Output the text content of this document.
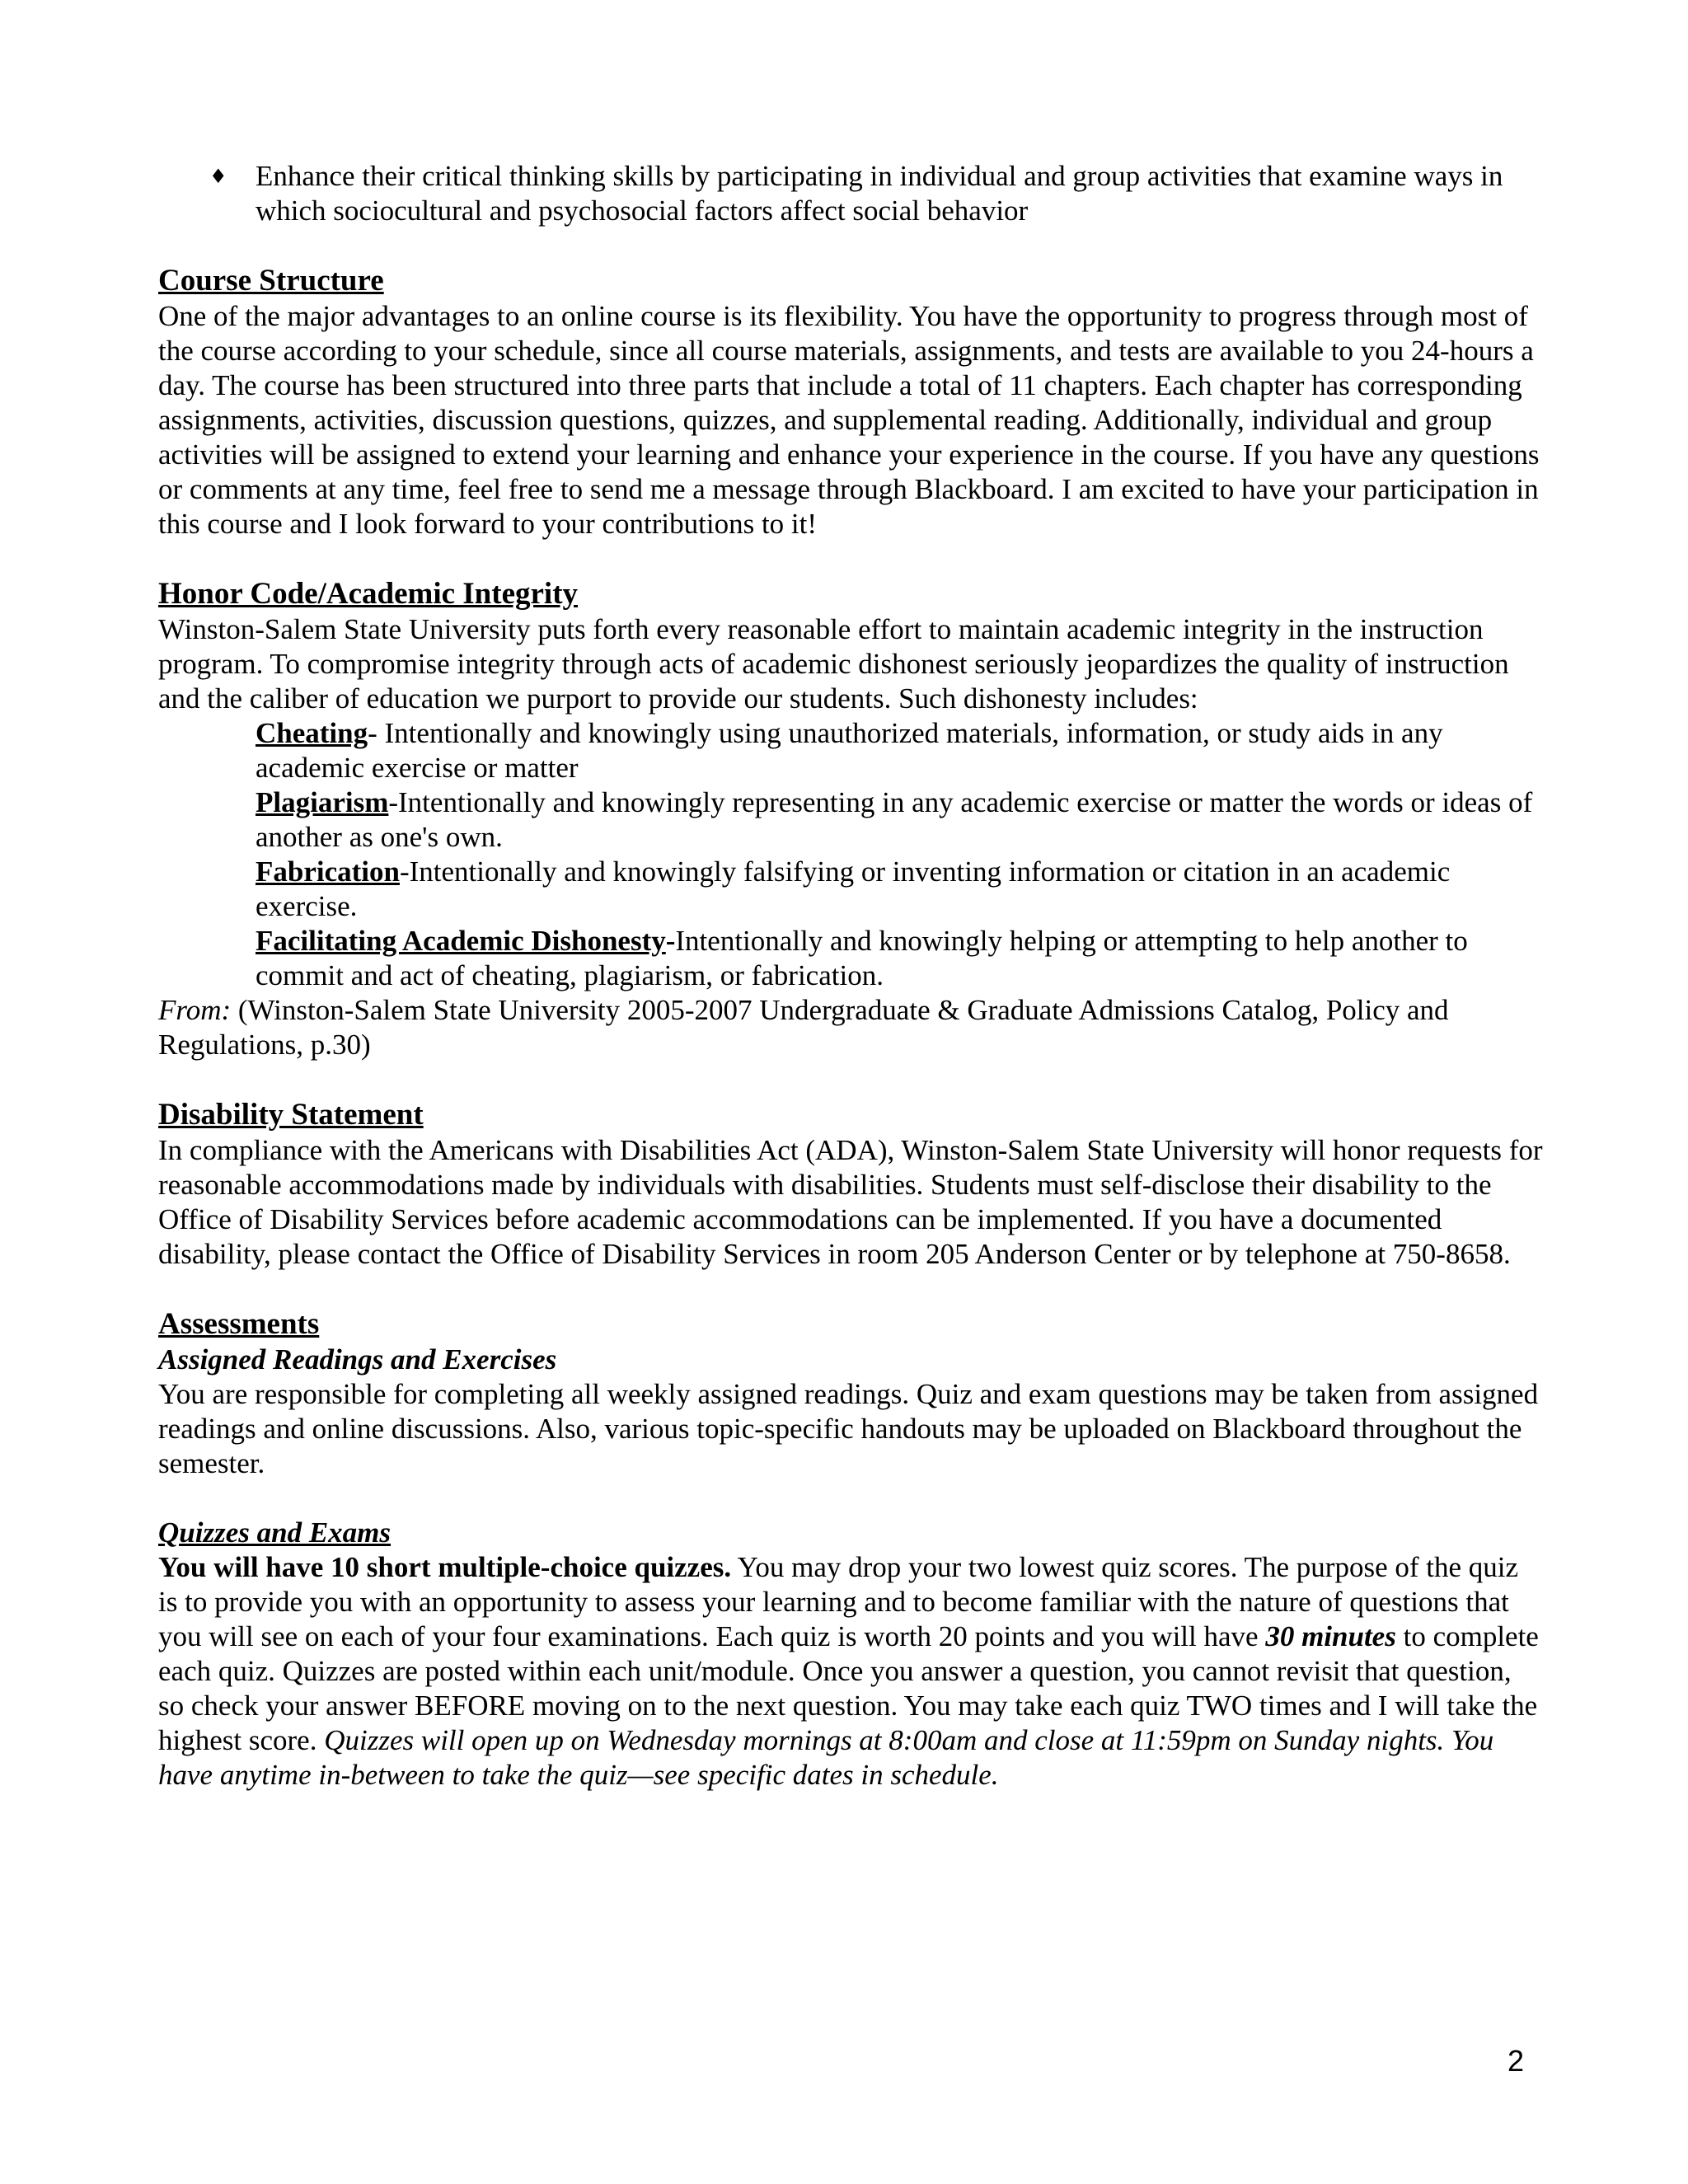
♦ Enhance their critical thinking skills by participating in individual and group activities that examine ways in which sociocultural and psychosocial factors affect social behavior
Course Structure

One of the major advantages to an online course is its flexibility. You have the opportunity to progress through most of the course according to your schedule, since all course materials, assignments, and tests are available to you 24-hours a day. The course has been structured into three parts that include a total of 11 chapters. Each chapter has corresponding assignments, activities, discussion questions, quizzes, and supplemental reading. Additionally, individual and group activities will be assigned to extend your learning and enhance your experience in the course. If you have any questions or comments at any time, feel free to send me a message through Blackboard. I am excited to have your participation in this course and I look forward to your contributions to it!

Honor Code/Academic Integrity

Winston-Salem State University puts forth every reasonable effort to maintain academic integrity in the instruction program. To compromise integrity through acts of academic dishonest seriously jeopardizes the quality of instruction and the caliber of education we purport to provide our students. Such dishonesty includes:

Cheating- Intentionally and knowingly using unauthorized materials, information, or study aids in any academic exercise or matter
Plagiarism-Intentionally and knowingly representing in any academic exercise or matter the words or ideas of another as one's own.
Fabrication-Intentionally and knowingly falsifying or inventing information or citation in an academic exercise.
Facilitating Academic Dishonesty-Intentionally and knowingly helping or attempting to help another to commit and act of cheating, plagiarism, or fabrication.

From: (Winston-Salem State University 2005-2007 Undergraduate & Graduate Admissions Catalog, Policy and Regulations, p.30)

Disability Statement

In compliance with the Americans with Disabilities Act (ADA), Winston-Salem State University will honor requests for reasonable accommodations made by individuals with disabilities. Students must self-disclose their disability to the Office of Disability Services before academic accommodations can be implemented. If you have a documented disability, please contact the Office of Disability Services in room 205 Anderson Center or by telephone at 750-8658.

Assessments
Assigned Readings and Exercises

You are responsible for completing all weekly assigned readings. Quiz and exam questions may be taken from assigned readings and online discussions. Also, various topic-specific handouts may be uploaded on Blackboard throughout the semester.

Quizzes and Exams

You will have 10 short multiple-choice quizzes. You may drop your two lowest quiz scores. The purpose of the quiz is to provide you with an opportunity to assess your learning and to become familiar with the nature of questions that you will see on each of your four examinations. Each quiz is worth 20 points and you will have 30 minutes to complete each quiz. Quizzes are posted within each unit/module. Once you answer a question, you cannot revisit that question, so check your answer BEFORE moving on to the next question. You may take each quiz TWO times and I will take the highest score. Quizzes will open up on Wednesday mornings at 8:00am and close at 11:59pm on Sunday nights. You have anytime in-between to take the quiz—see specific dates in schedule.

2
